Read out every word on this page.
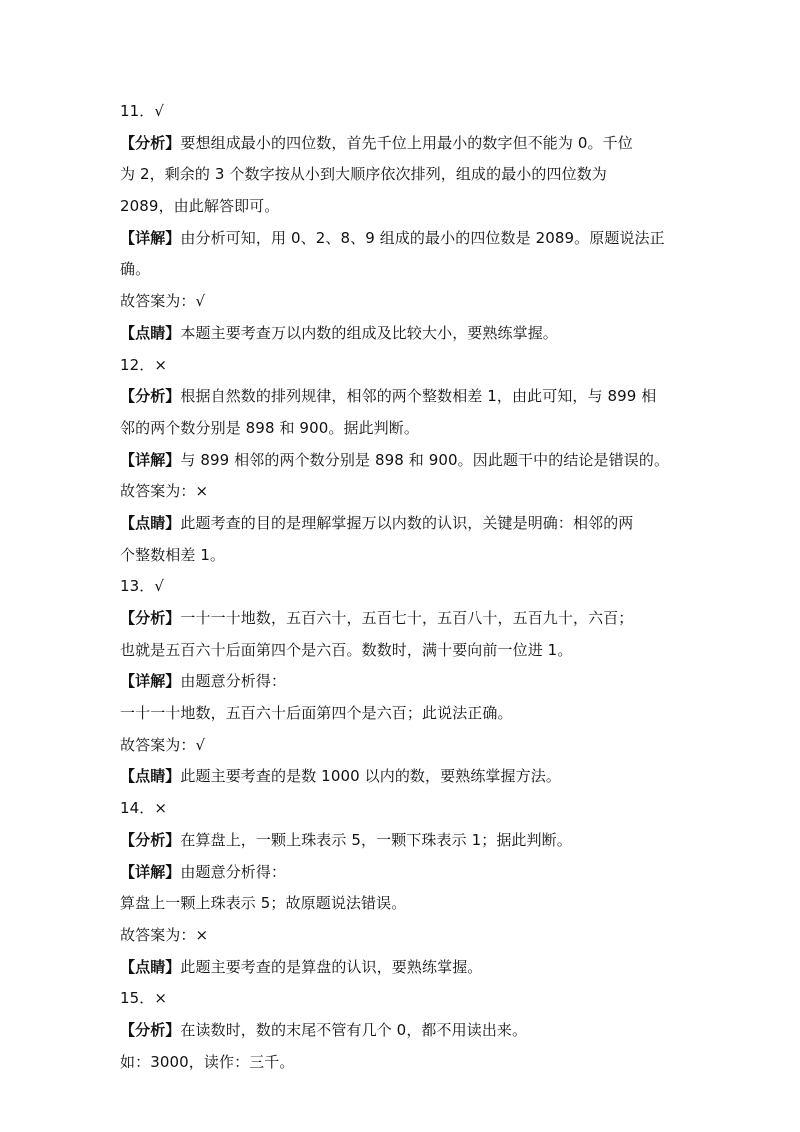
11．√
【分析】要想组成最小的四位数，首先千位上用最小的数字但不能为 0。千位
为 2，剩余的 3 个数字按从小到大顺序依次排列，组成的最小的四位数为
2089，由此解答即可。
【详解】由分析可知，用 0、2、8、9 组成的最小的四位数是 2089。原题说法正
确。
故答案为：√
【点睛】本题主要考查万以内数的组成及比较大小，要熟练掌握。
12．×
【分析】根据自然数的排列规律，相邻的两个整数相差 1，由此可知，与 899 相
邻的两个数分别是 898 和 900。据此判断。
【详解】与 899 相邻的两个数分别是 898 和 900。因此题干中的结论是错误的。
故答案为：×
【点睛】此题考查的目的是理解掌握万以内数的认识，关键是明确：相邻的两
个整数相差 1。
13．√
【分析】一十一十地数，五百六十，五百七十，五百八十，五百九十，六百；
也就是五百六十后面第四个是六百。数数时，满十要向前一位进 1。
【详解】由题意分析得：
一十一十地数，五百六十后面第四个是六百；此说法正确。
故答案为：√
【点睛】此题主要考查的是数 1000 以内的数，要熟练掌握方法。
14．×
【分析】在算盘上，一颗上珠表示 5，一颗下珠表示 1；据此判断。
【详解】由题意分析得：
算盘上一颗上珠表示 5；故原题说法错误。
故答案为：×
【点睛】此题主要考查的是算盘的认识，要熟练掌握。
15．×
【分析】在读数时，数的末尾不管有几个 0，都不用读出来。
如：3000，读作：三千。
